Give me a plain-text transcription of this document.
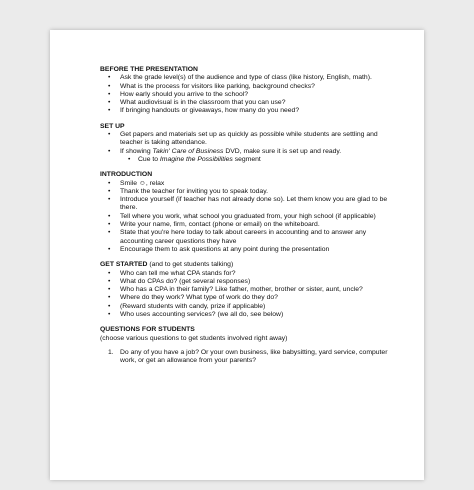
BEFORE THE PRESENTATION
• Ask the grade level(s) of the audience and type of class (like history, English, math).
• What is the process for visitors like parking, background checks?
• How early should you arrive to the school?
• What audiovisual is in the classroom that you can use?
• If bringing handouts or giveaways, how many do you need?
SET UP
• Get papers and materials set up as quickly as possible while students are settling and teacher is taking attendance.
• If showing Takin' Care of Business DVD, make sure it is set up and ready.
• Cue to Imagine the Possibilities segment
INTRODUCTION
• Smile ☺, relax
• Thank the teacher for inviting you to speak today.
• Introduce yourself (if teacher has not already done so). Let them know you are glad to be there.
• Tell where you work, what school you graduated from, your high school (if applicable)
• Write your name, firm, contact (phone or email) on the whiteboard.
• State that you're here today to talk about careers in accounting and to answer any accounting career questions they have
• Encourage them to ask questions at any point during the presentation
GET STARTED (and to get students talking)
• Who can tell me what CPA stands for?
• What do CPAs do? (get several responses)
• Who has a CPA in their family? Like father, mother, brother or sister, aunt, uncle?
• Where do they work? What type of work do they do?
• (Reward students with candy, prize if applicable)
• Who uses accounting services? (we all do, see below)
QUESTIONS FOR STUDENTS
(choose various questions to get students involved right away)
1. Do any of you have a job? Or your own business, like babysitting, yard service, computer work, or get an allowance from your parents?
